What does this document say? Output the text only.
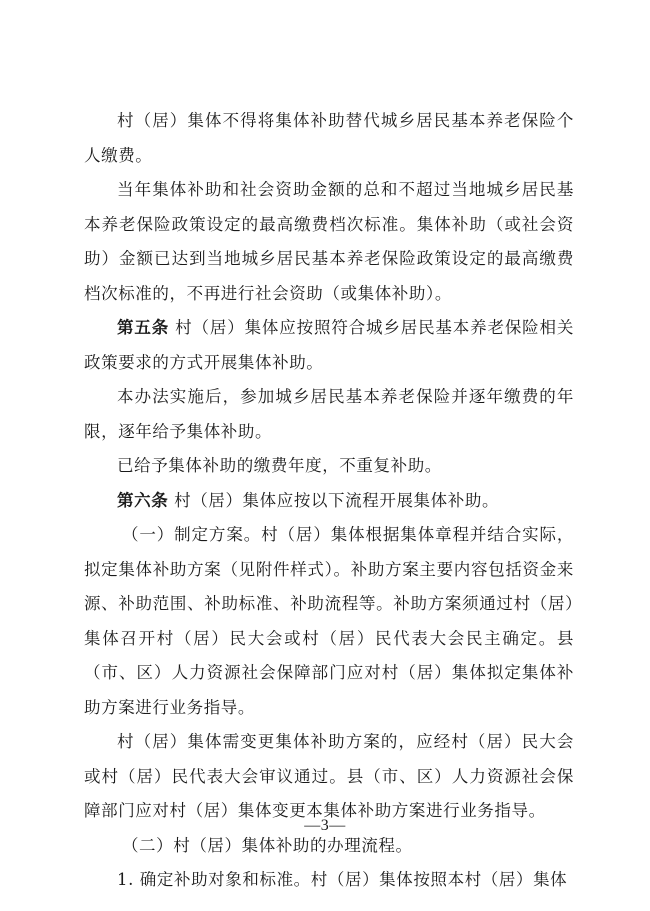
村（居）集体不得将集体补助替代城乡居民基本养老保险个人缴费。

当年集体补助和社会资助金额的总和不超过当地城乡居民基本养老保险政策设定的最高缴费档次标准。集体补助（或社会资助）金额已达到当地城乡居民基本养老保险政策设定的最高缴费档次标准的，不再进行社会资助（或集体补助）。

第五条 村（居）集体应按照符合城乡居民基本养老保险相关政策要求的方式开展集体补助。

本办法实施后，参加城乡居民基本养老保险并逐年缴费的年限，逐年给予集体补助。

已给予集体补助的缴费年度，不重复补助。

第六条 村（居）集体应按以下流程开展集体补助。

（一）制定方案。村（居）集体根据集体章程并结合实际，拟定集体补助方案（见附件样式）。补助方案主要内容包括资金来源、补助范围、补助标准、补助流程等。补助方案须通过村（居）集体召开村（居）民大会或村（居）民代表大会民主确定。县（市、区）人力资源社会保障部门应对村（居）集体拟定集体补助方案进行业务指导。

村（居）集体需变更集体补助方案的，应经村（居）民大会或村（居）民代表大会审议通过。县（市、区）人力资源社会保障部门应对村（居）集体变更本集体补助方案进行业务指导。

（二）村（居）集体补助的办理流程。

1. 确定补助对象和标准。村（居）集体按照本村（居）集体

—3—
